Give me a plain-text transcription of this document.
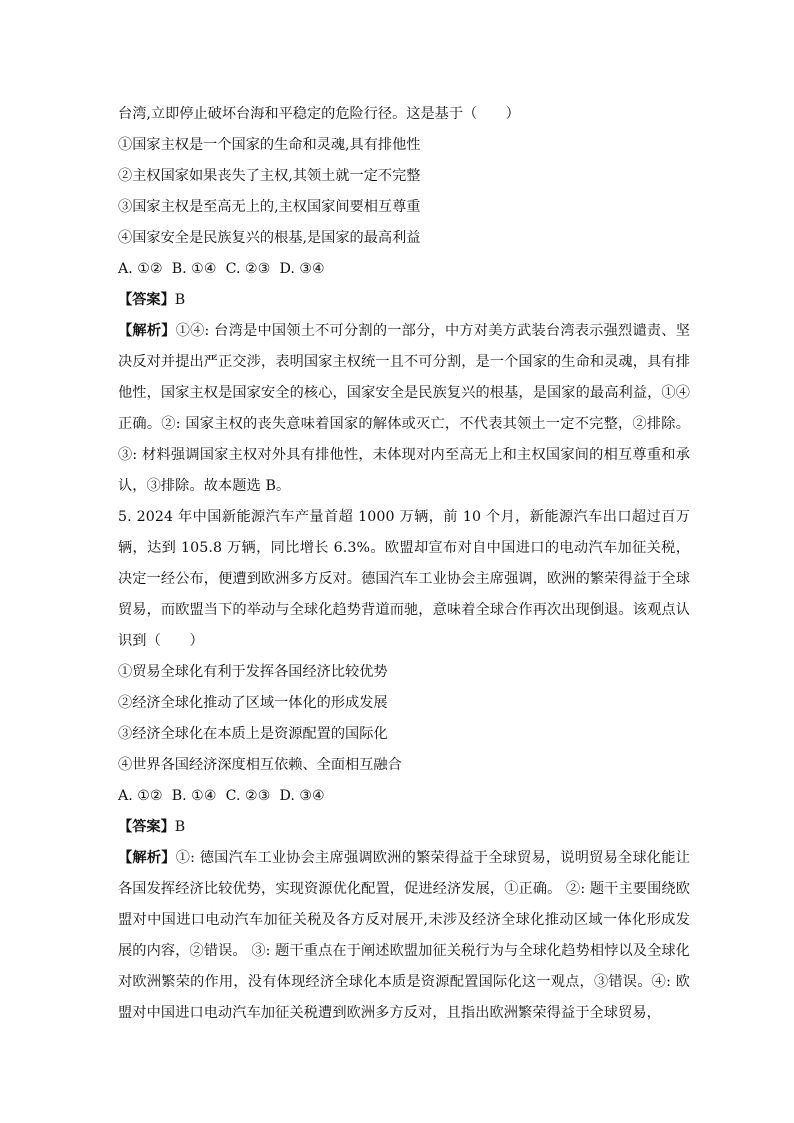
台湾,立即停止破坏台海和平稳定的危险行径。这是基于（　　）
①国家主权是一个国家的生命和灵魂,具有排他性
②主权国家如果丧失了主权,其领土就一定不完整
③国家主权是至高无上的,主权国家间要相互尊重
④国家安全是民族复兴的根基,是国家的最高利益
A. ①②  B. ①④  C. ②③  D. ③④
【答案】B

【解析】①④: 台湾是中国领土不可分割的一部分，中方对美方武装台湾表示强烈谴责、坚决反对并提出严正交涉，表明国家主权统一且不可分割，是一个国家的生命和灵魂，具有排他性，国家主权是国家安全的核心，国家安全是民族复兴的根基，是国家的最高利益，①④正确。②: 国家主权的丧失意味着国家的解体或灭亡，不代表其领土一定不完整，②排除。③: 材料强调国家主权对外具有排他性，未体现对内至高无上和主权国家间的相互尊重和承认，③排除。故本题选 B。

5. 2024 年中国新能源汽车产量首超 1000 万辆，前 10 个月，新能源汽车出口超过百万辆，达到 105.8 万辆，同比增长 6.3%。欧盟却宣布对自中国进口的电动汽车加征关税，决定一经公布，便遭到欧洲多方反对。德国汽车工业协会主席强调，欧洲的繁荣得益于全球贸易，而欧盟当下的举动与全球化趋势背道而驰，意味着全球合作再次出现倒退。该观点认识到（　　）

①贸易全球化有利于发挥各国经济比较优势
②经济全球化推动了区域一体化的形成发展
③经济全球化在本质上是资源配置的国际化
④世界各国经济深度相互依赖、全面相互融合
A. ①②  B. ①④  C. ②③  D. ③④
【答案】B

【解析】①: 德国汽车工业协会主席强调欧洲的繁荣得益于全球贸易，说明贸易全球化能让各国发挥经济比较优势，实现资源优化配置，促进经济发展，①正确。 ②: 题干主要围绕欧盟对中国进口电动汽车加征关税及各方反对展开,未涉及经济全球化推动区域一体化形成发展的内容，②错误。 ③: 题干重点在于阐述欧盟加征关税行为与全球化趋势相悖以及全球化对欧洲繁荣的作用，没有体现经济全球化本质是资源配置国际化这一观点，③错误。④: 欧盟对中国进口电动汽车加征关税遭到欧洲多方反对，且指出欧洲繁荣得益于全球贸易，
